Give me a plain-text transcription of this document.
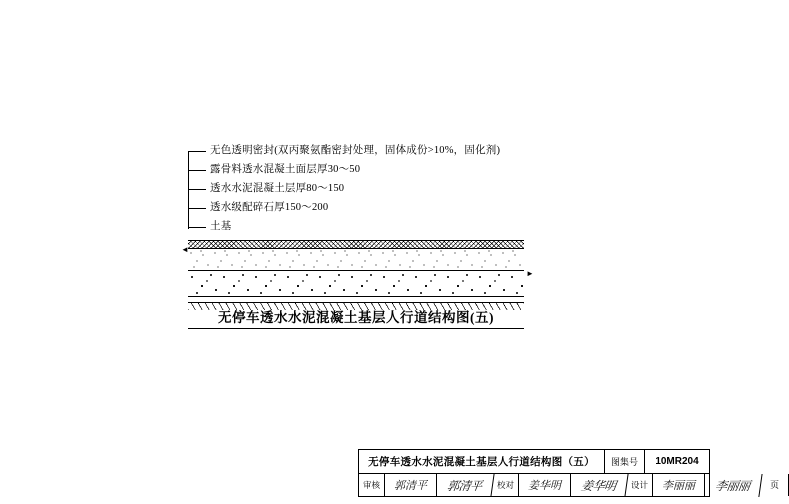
无色透明密封(双丙聚氨酯密封处理，固体成份>10%，固化剂)
露骨料透水混凝土面层厚30～50
透水水泥混凝土层厚80～150
透水级配碎石厚150～200
土基
◄
►
无停车透水水泥混凝土基层人行道结构图(五)
无停车透水水泥混凝土基层人行道结构图（五）	图集号	10MR204
审核	郭清平	郭清平	校对	姜华明	姜华明	设计	李丽丽	李丽丽	页
